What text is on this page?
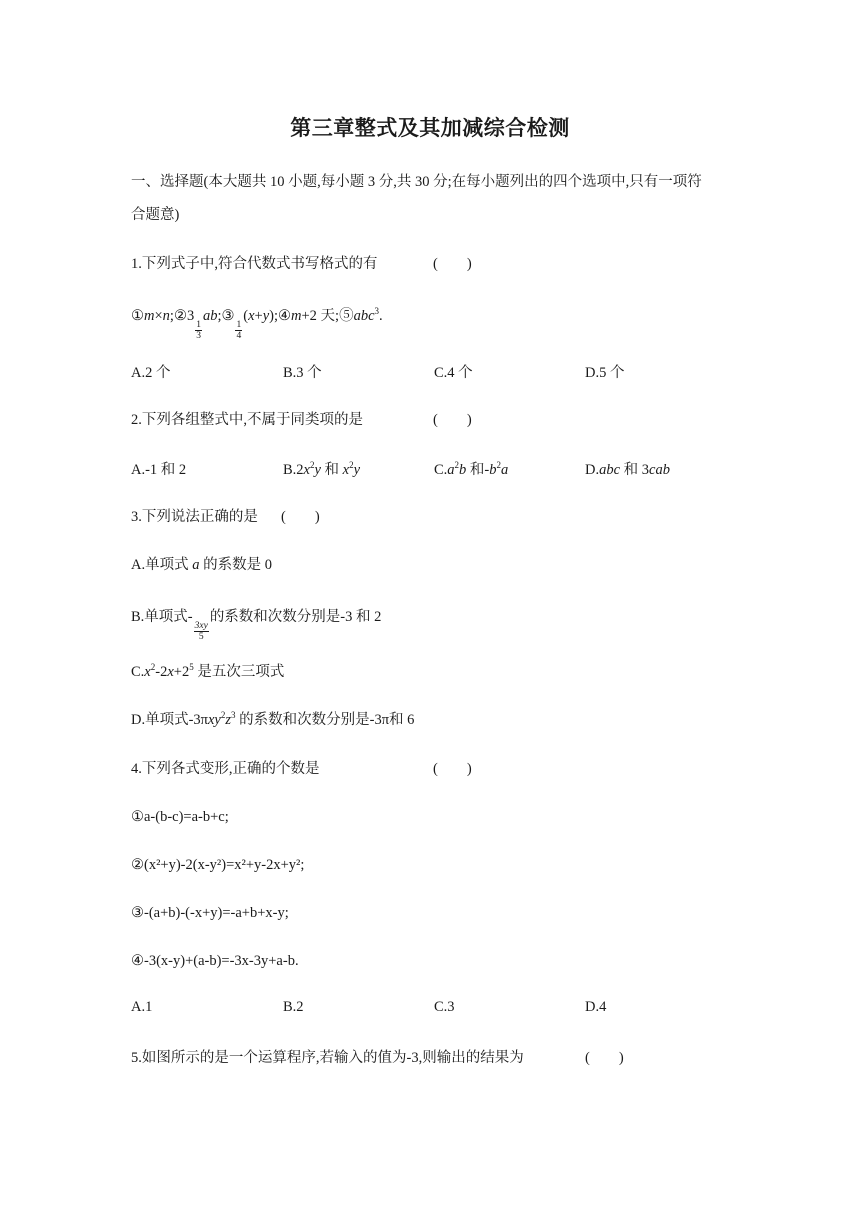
第三章整式及其加减综合检测
一、选择题(本大题共 10 小题,每小题 3 分,共 30 分;在每小题列出的四个选项中,只有一项符
合题意)
1.下列式子中,符合代数式书写格式的有	(　　)
①m×n;②3
$\frac{1}{3}$
ab;③
$\frac{1}{4}$
(x+y);④m+2 天;⑤abc$^3$.
A.2 个	B.3 个	C.4 个	D.5 个
2.下列各组整式中,不属于同类项的是	(　　)
A.-1 和 2	$B.2x^2y$ 和 $x^2y$	$C.a^2b$ 和$-b^2a$	D.abc 和 3cab
3.下列说法正确的是 (　　)
A.单项式 a 的系数是 0
B.单项式-
$\frac{3xy}{5}$
的系数和次数分别是-3 和 2
$C.x^2-2x+2^5$ 是五次三项式
D.单项式$-3\pi xy^2z^3$ 的系数和次数分别是-3π和 6
4.下列各式变形,正确的个数是	(　　)
①a-(b-c)=a-b+c;
②(x²+y)-2(x-y²)=x²+y-2x+y²;
③-(a+b)-(-x+y)=-a+b+x-y;
④-3(x-y)+(a-b)=-3x-3y+a-b.
A.1	B.2	C.3	D.4
5.如图所示的是一个运算程序,若输入的值为-3,则输出的结果为	(　　)
